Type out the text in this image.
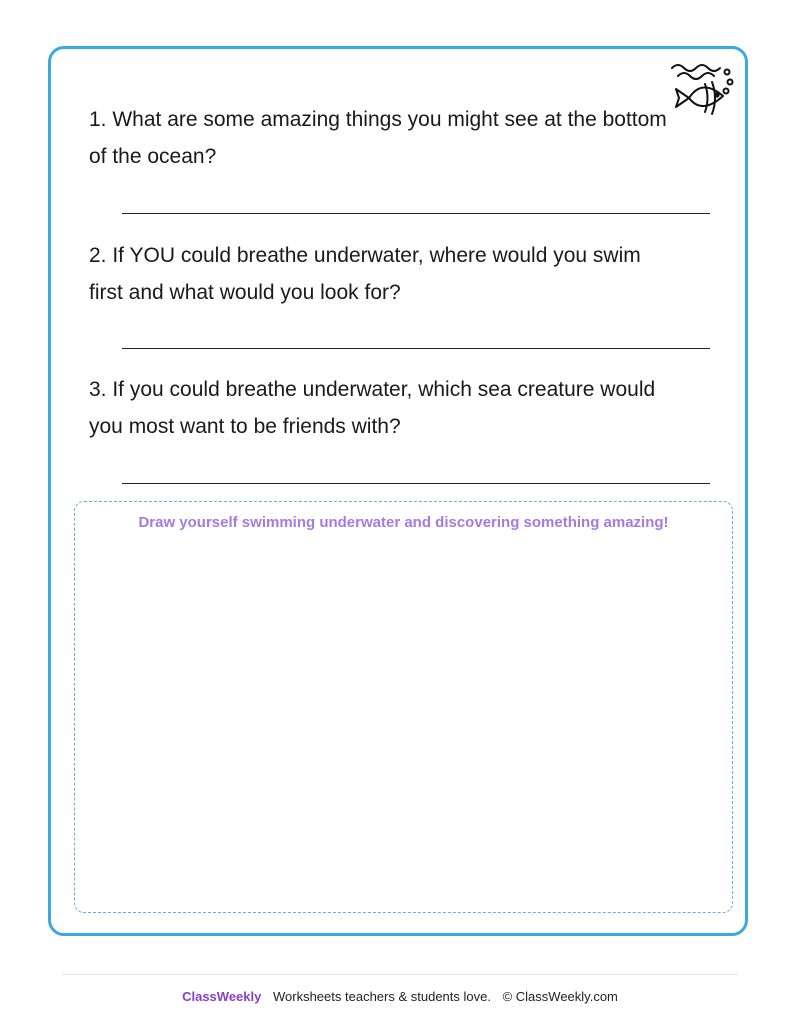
1. What are some amazing things you might see at the bottom of the ocean?

2. If YOU could breathe underwater, where would you swim first and what would you look for?

3. If you could breathe underwater, which sea creature would you most want to be friends with?

Draw yourself swimming underwater and discovering something amazing!
ClassWeekly Worksheets teachers & students love. © ClassWeekly.com
